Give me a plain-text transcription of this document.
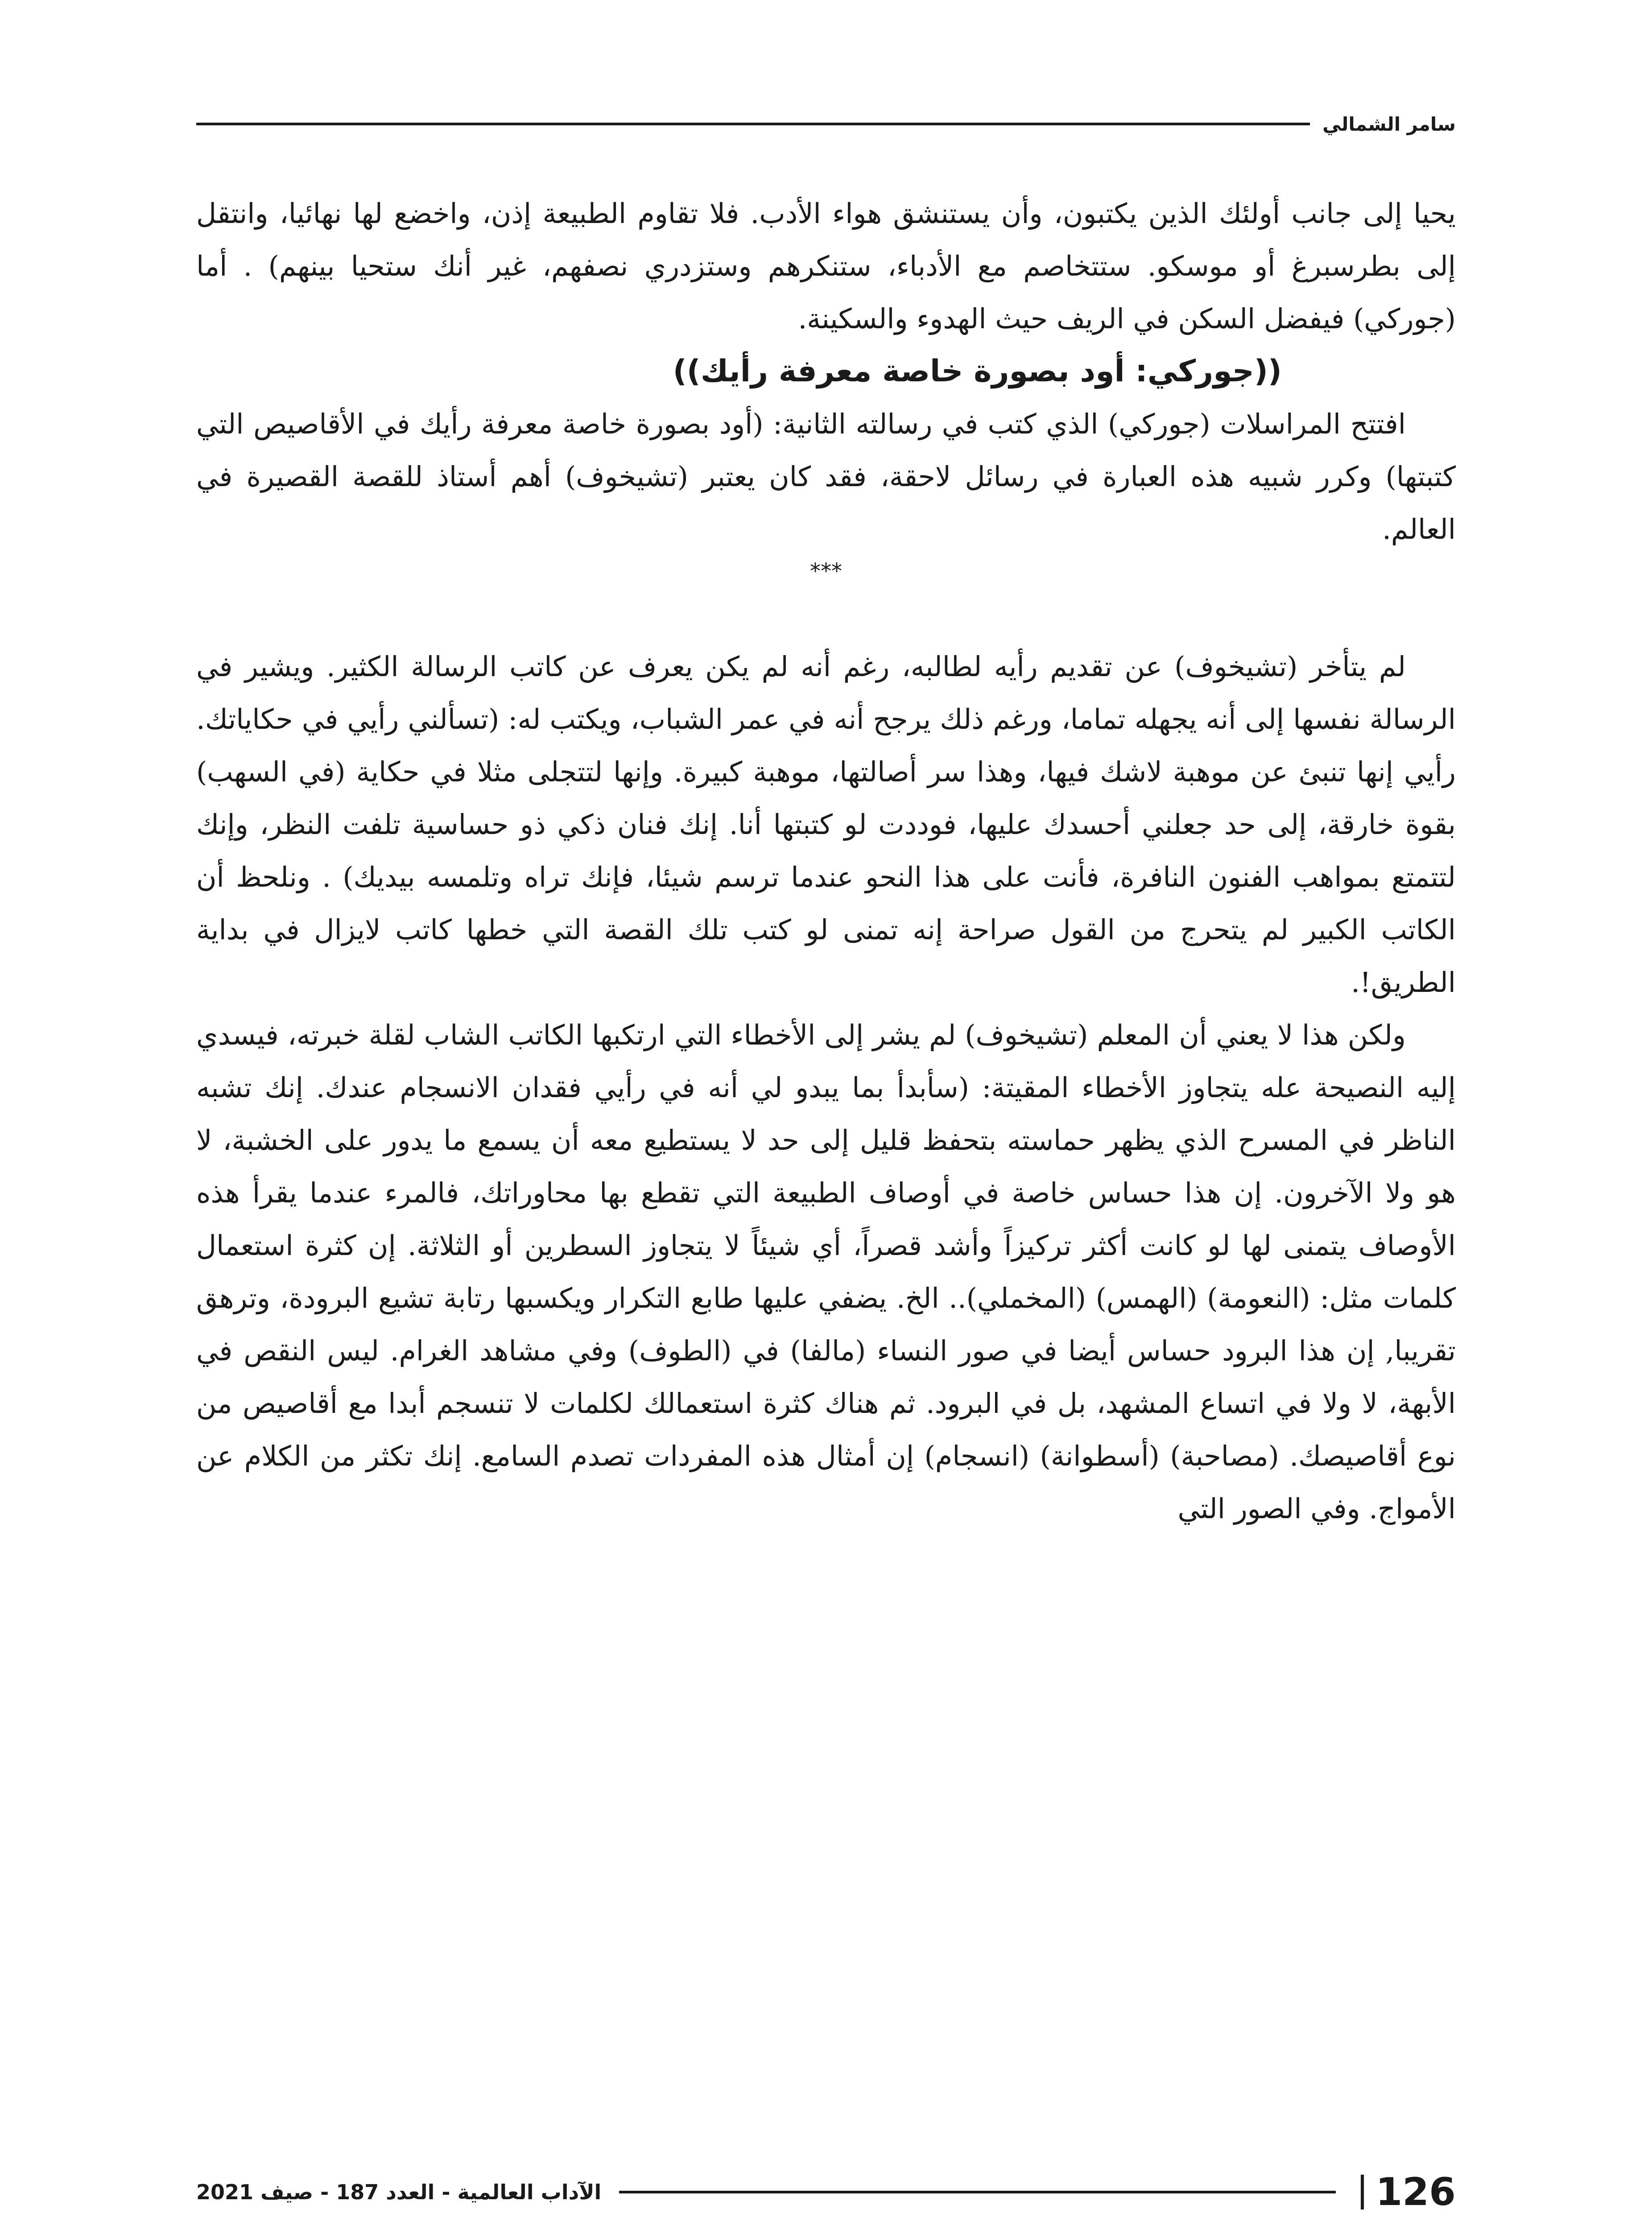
سامر الشمالي

يحيا إلى جانب أولئك الذين يكتبون، وأن يستنشق هواء الأدب. فلا تقاوم الطبيعة إذن، واخضع لها نهائيا، وانتقل إلى بطرسبرغ أو موسكو. ستتخاصم مع الأدباء، ستنكرهم وستزدري نصفهم، غير أنك ستحيا بينهم) . أما (جوركي) فيفضل السكن في الريف حيث الهدوء والسكينة.

((جوركي: أود بصورة خاصة معرفة رأيك))

افتتح المراسلات (جوركي) الذي كتب في رسالته الثانية: (أود بصورة خاصة معرفة رأيك في الأقاصيص التي كتبتها) وكرر شبيه هذه العبارة في رسائل لاحقة، فقد كان يعتبر (تشيخوف) أهم أستاذ للقصة القصيرة في العالم.

***

لم يتأخر (تشيخوف) عن تقديم رأيه لطالبه، رغم أنه لم يكن يعرف عن كاتب الرسالة الكثير. ويشير في الرسالة نفسها إلى أنه يجهله تماما، ورغم ذلك يرجح أنه في عمر الشباب، ويكتب له: (تسألني رأيي في حكاياتك. رأيي إنها تنبئ عن موهبة لاشك فيها، وهذا سر أصالتها، موهبة كبيرة. وإنها لتتجلى مثلا في حكاية (في السهب) بقوة خارقة، إلى حد جعلني أحسدك عليها، فوددت لو كتبتها أنا. إنك فنان ذكي ذو حساسية تلفت النظر، وإنك لتتمتع بمواهب الفنون النافرة، فأنت على هذا النحو عندما ترسم شيئا، فإنك تراه وتلمسه بيديك) . ونلحظ أن الكاتب الكبير لم يتحرج من القول صراحة إنه تمنى لو كتب تلك القصة التي خطها كاتب لايزال في بداية الطريق!.

ولكن هذا لا يعني أن المعلم (تشيخوف) لم يشر إلى الأخطاء التي ارتكبها الكاتب الشاب لقلة خبرته، فيسدي إليه النصيحة عله يتجاوز الأخطاء المقيتة: (سأبدأ بما يبدو لي أنه في رأيي فقدان الانسجام عندك. إنك تشبه الناظر في المسرح الذي يظهر حماسته بتحفظ قليل إلى حد لا يستطيع معه أن يسمع ما يدور على الخشبة، لا هو ولا الآخرون. إن هذا حساس خاصة في أوصاف الطبيعة التي تقطع بها محاوراتك، فالمرء عندما يقرأ هذه الأوصاف يتمنى لها لو كانت أكثر تركيزاً وأشد قصراً، أي شيئاً لا يتجاوز السطرين أو الثلاثة. إن كثرة استعمال كلمات مثل: (النعومة) (الهمس) (المخملي).. الخ. يضفي عليها طابع التكرار ويكسبها رتابة تشيع البرودة، وترهق تقريبا, إن هذا البرود حساس أيضا في صور النساء (مالفا) في (الطوف) وفي مشاهد الغرام. ليس النقص في الأبهة، لا ولا في اتساع المشهد، بل في البرود. ثم هناك كثرة استعمالك لكلمات لا تنسجم أبدا مع أقاصيص من نوع أقاصيصك. (مصاحبة) (أسطوانة) (انسجام) إن أمثال هذه المفردات تصدم السامع. إنك تكثر من الكلام عن الأمواج. وفي الصور التي

126
الآداب العالمية - العدد 187 - صيف 2021
